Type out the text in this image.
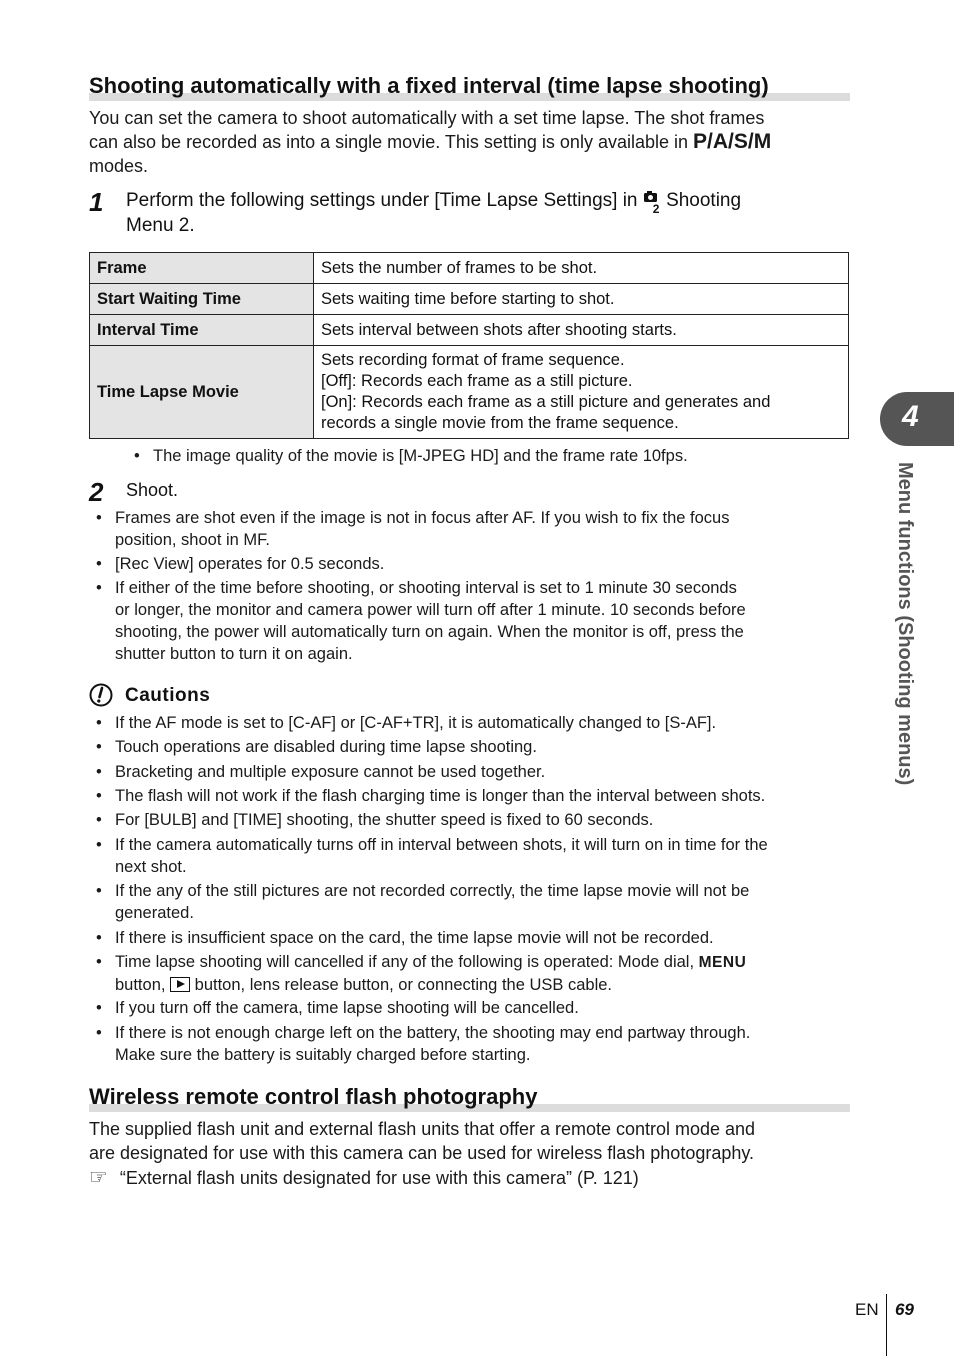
Shooting automatically with a fixed interval (time lapse shooting)
You can set the camera to shoot automatically with a set time lapse. The shot frames
can also be recorded as into a single movie. This setting is only available in P/A/S/M
modes.
1 Perform the following settings under [Time Lapse Settings] in 2 Shooting
Menu 2.
Frame	Sets the number of frames to be shot.
Start Waiting Time	Sets waiting time before starting to shot.
Interval Time	Sets interval between shots after shooting starts.
Time Lapse Movie	Sets recording format of frame sequence.
[Off]: Records each frame as a still picture.
[On]: Records each frame as a still picture and generates and
records a single movie from the frame sequence.
• The image quality of the movie is [M-JPEG HD] and the frame rate 10fps.
2 Shoot.
• Frames are shot even if the image is not in focus after AF. If you wish to fix the focus
position, shoot in MF.
• [Rec View] operates for 0.5 seconds.
• If either of the time before shooting, or shooting interval is set to 1 minute 30 seconds
or longer, the monitor and camera power will turn off after 1 minute. 10 seconds before
shooting, the power will automatically turn on again. When the monitor is off, press the
shutter button to turn it on again.
Cautions
• If the AF mode is set to [C-AF] or [C-AF+TR], it is automatically changed to [S-AF].
• Touch operations are disabled during time lapse shooting.
• Bracketing and multiple exposure cannot be used together.
• The flash will not work if the flash charging time is longer than the interval between shots.
• For [BULB] and [TIME] shooting, the shutter speed is fixed to 60 seconds.
• If the camera automatically turns off in interval between shots, it will turn on in time for the
next shot.
• If the any of the still pictures are not recorded correctly, the time lapse movie will not be
generated.
• If there is insufficient space on the card, the time lapse movie will not be recorded.
• Time lapse shooting will cancelled if any of the following is operated: Mode dial, MENU
button, button, lens release button, or connecting the USB cable.
• If you turn off the camera, time lapse shooting will be cancelled.
• If there is not enough charge left on the battery, the shooting may end partway through.
Make sure the battery is suitably charged before starting.
Wireless remote control flash photography
The supplied flash unit and external flash units that offer a remote control mode and
are designated for use with this camera can be used for wireless flash photography.
☞ “External flash units designated for use with this camera” (P. 121)
4
Menu functions (Shooting menus)
EN 69
